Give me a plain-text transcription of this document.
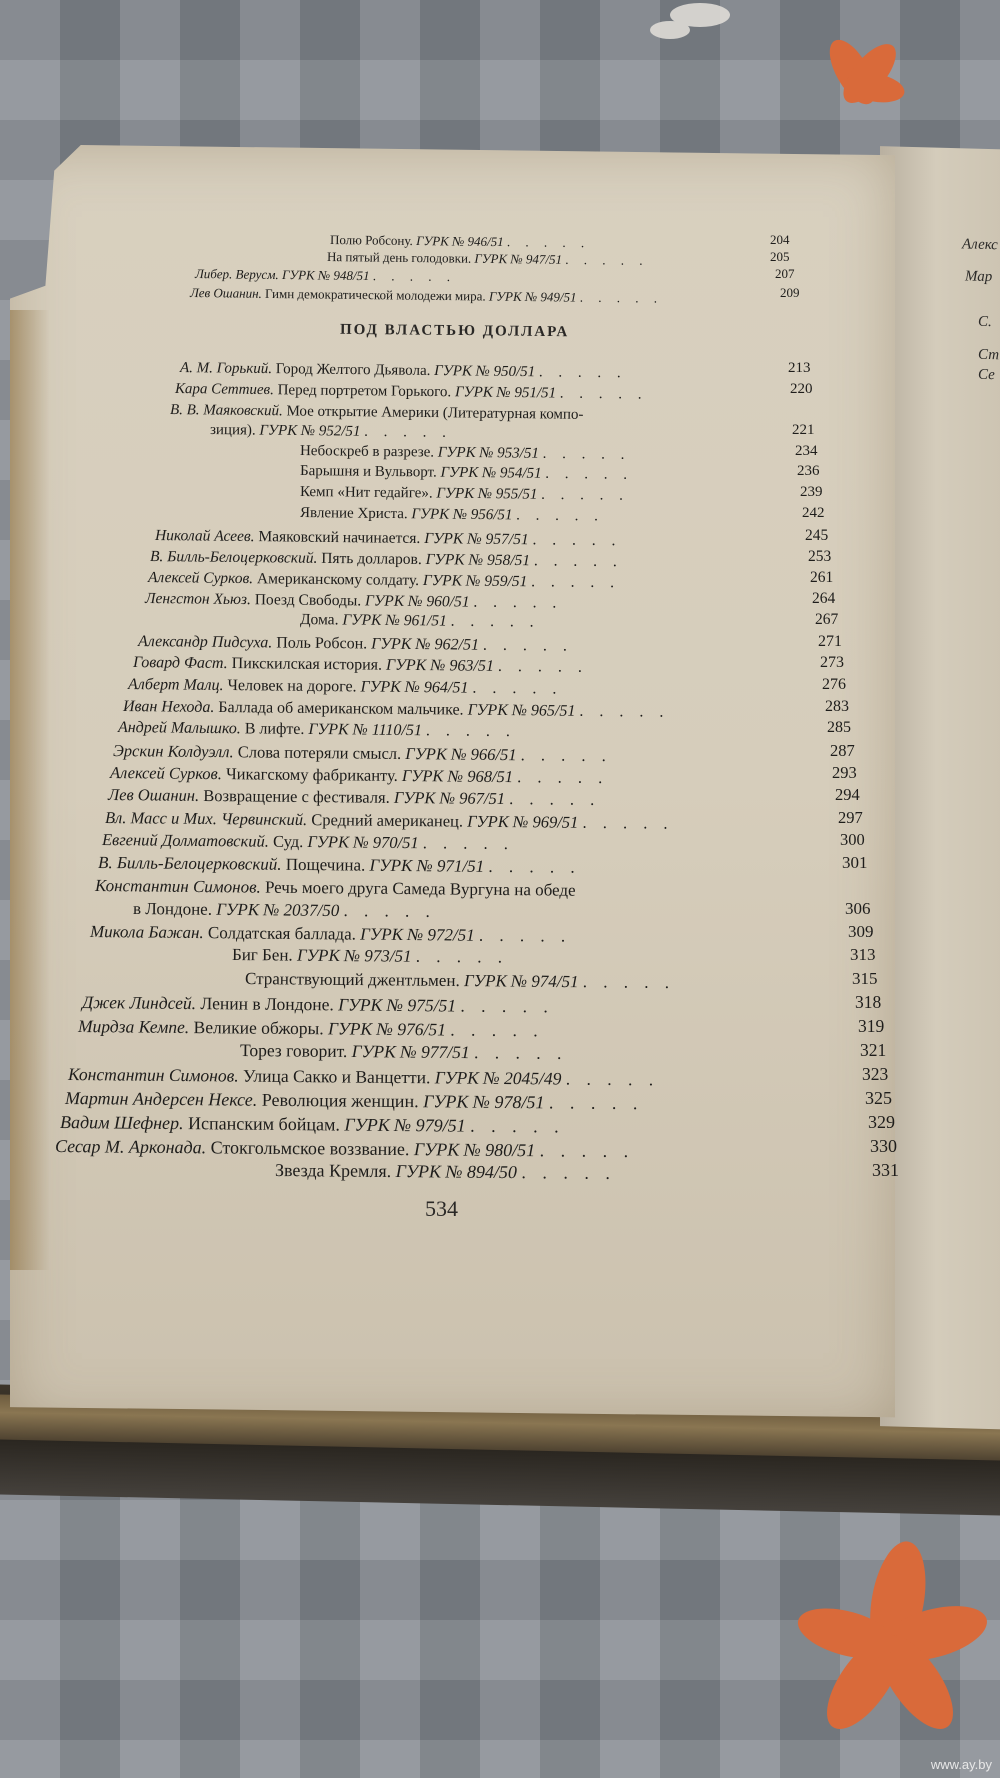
Алекс
Мар
С.
Ст
Се
ПОД ВЛАСТЬЮ ДОЛЛАРА
Полю Робсону. ГУРК № 946/51 . . . . .	204
На пятый день голодовки. ГУРК № 947/51 . . . . .	205
Либер. Верусм. ГУРК № 948/51 . . . . .	207
Лев Ошанин. Гимн демократической молодежи мира. ГУРК № 949/51 . . . . .	209
А. М. Горький. Город Желтого Дьявола. ГУРК № 950/51 . . . . .	213
Кара Сеттиев. Перед портретом Горького. ГУРК № 951/51 . . . . .	220
В. В. Маяковский. Мое открытие Америки (Литературная компо-
зиция). ГУРК № 952/51 . . . . .	221
Небоскреб в разрезе. ГУРК № 953/51 . . . . .	234
Барышня и Вульворт. ГУРК № 954/51 . . . . .	236
Кемп «Нит гедайге». ГУРК № 955/51 . . . . .	239
Явление Христа. ГУРК № 956/51 . . . . .	242
Николай Асеев. Маяковский начинается. ГУРК № 957/51 . . . . .	245
В. Билль-Белоцерковский. Пять долларов. ГУРК № 958/51 . . . . .	253
Алексей Сурков. Американскому солдату. ГУРК № 959/51 . . . . .	261
Ленгстон Хьюз. Поезд Свободы. ГУРК № 960/51 . . . . .	264
Дома. ГУРК № 961/51 . . . . .	267
Александр Пидсуха. Поль Робсон. ГУРК № 962/51 . . . . .	271
Говард Фаст. Пикскилская история. ГУРК № 963/51 . . . . .	273
Алберт Малц. Человек на дороге. ГУРК № 964/51 . . . . .	276
Иван Нехода. Баллада об американском мальчике. ГУРК № 965/51 . . . . .	283
Андрей Малышко. В лифте. ГУРК № 1110/51 . . . . .	285
Эрскин Колдуэлл. Слова потеряли смысл. ГУРК № 966/51 . . . . .	287
Алексей Сурков. Чикагскому фабриканту. ГУРК № 968/51 . . . . .	293
Лев Ошанин. Возвращение с фестиваля. ГУРК № 967/51 . . . . .	294
Вл. Масс и Мих. Червинский. Средний американец. ГУРК № 969/51 . . . . .	297
Евгений Долматовский. Суд. ГУРК № 970/51 . . . . .	300
В. Билль-Белоцерковский. Пощечина. ГУРК № 971/51 . . . . .	301
Константин Симонов. Речь моего друга Самеда Вургуна на обеде
в Лондоне. ГУРК № 2037/50 . . . . .	306
Микола Бажан. Солдатская баллада. ГУРК № 972/51 . . . . .	309
Биг Бен. ГУРК № 973/51 . . . . .	313
Странствующий джентльмен. ГУРК № 974/51 . . . . .	315
Джек Линдсей. Ленин в Лондоне. ГУРК № 975/51 . . . . .	318
Мирдза Кемпе. Великие обжоры. ГУРК № 976/51 . . . . .	319
Торез говорит. ГУРК № 977/51 . . . . .	321
Константин Симонов. Улица Сакко и Ванцетти. ГУРК № 2045/49 . . . . .	323
Мартин Андерсен Нексе. Революция женщин. ГУРК № 978/51 . . . . .	325
Вадим Шефнер. Испанским бойцам. ГУРК № 979/51 . . . . .	329
Сесар М. Арконада. Стокгольмское воззвание. ГУРК № 980/51 . . . . .	330
Звезда Кремля. ГУРК № 894/50 . . . . .	331
534
www.ay.by
